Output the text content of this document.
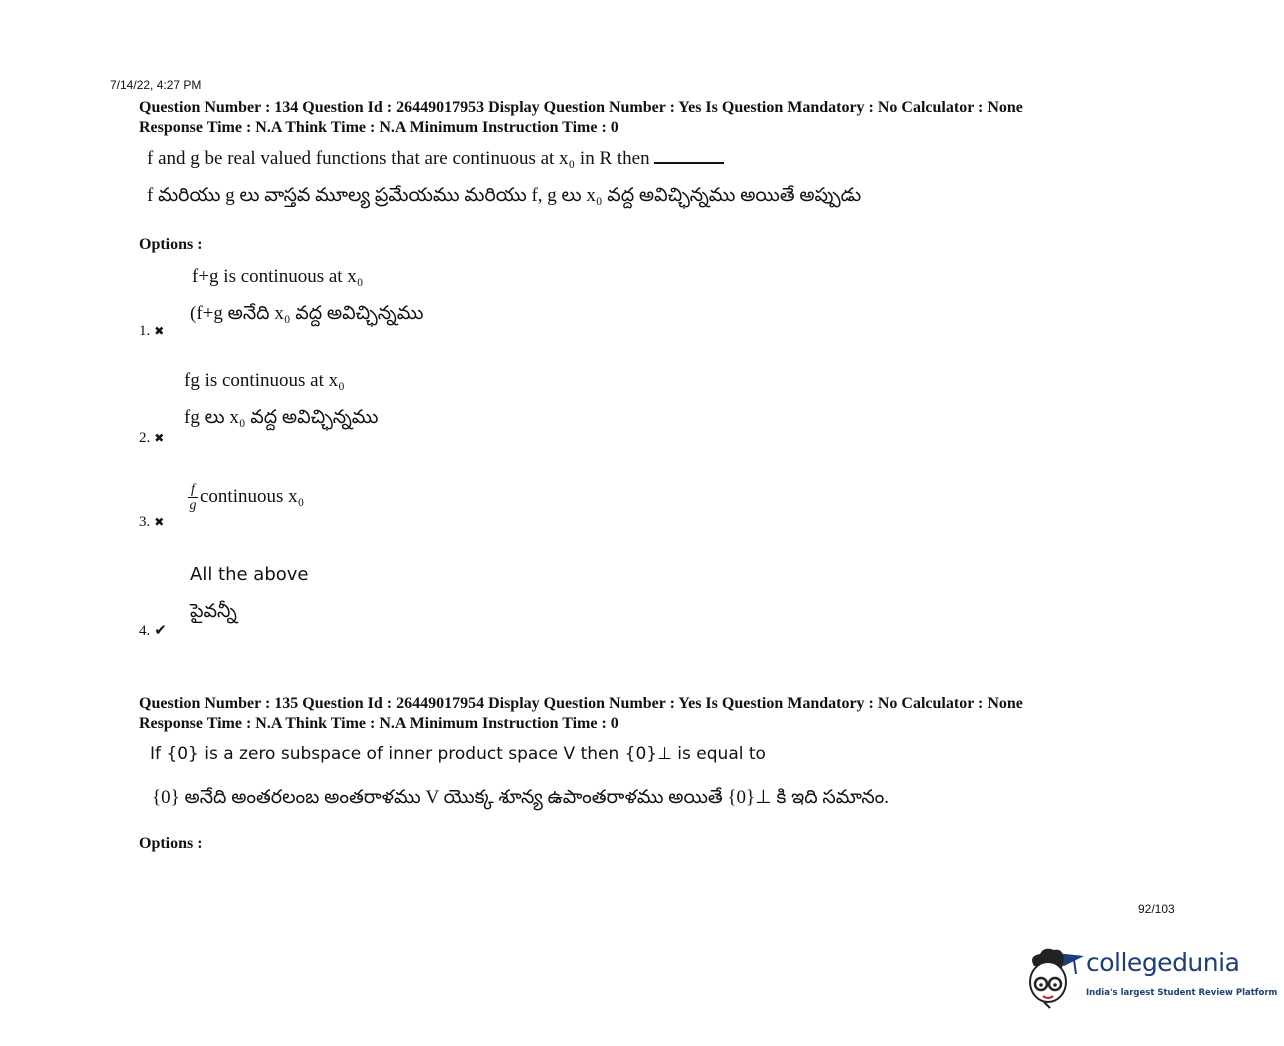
7/14/22, 4:27 PM
Question Number : 134 Question Id : 26449017953 Display Question Number : Yes Is Question Mandatory : No Calculator : None
Response Time : N.A Think Time : N.A Minimum Instruction Time : 0
f and g be real valued functions that are continuous at x₀ in R then
f మరియు g లు వాస్తవ మూల్య ప్రమేయము మరియు f, g లు x₀ వద్ద అవిచ్ఛిన్నము అయితే అప్పుడు
Options :
f+g is continuous at x₀
(f+g అనేది x₀ వద్ద అవిచ్ఛిన్నము
1. ✖
fg is continuous at x₀
fg లు x₀ వద్ద అవిచ్ఛిన్నము
2. ✖
$\frac{f}{g}$ continuous x₀
3. ✖
All the above
పైవన్నీ
4. ✔
Question Number : 135 Question Id : 26449017954 Display Question Number : Yes Is Question Mandatory : No Calculator : None
Response Time : N.A Think Time : N.A Minimum Instruction Time : 0
If {0} is a zero subspace of inner product space V then {0}⊥ is equal to
{0} అనేది అంతరలంబ అంతరాళము V యొక్క శూన్య ఉపాంతరాళము అయితే {0}⊥ కి ఇది సమానం.
Options :
92/103
collegedunia
India's largest Student Review Platform
